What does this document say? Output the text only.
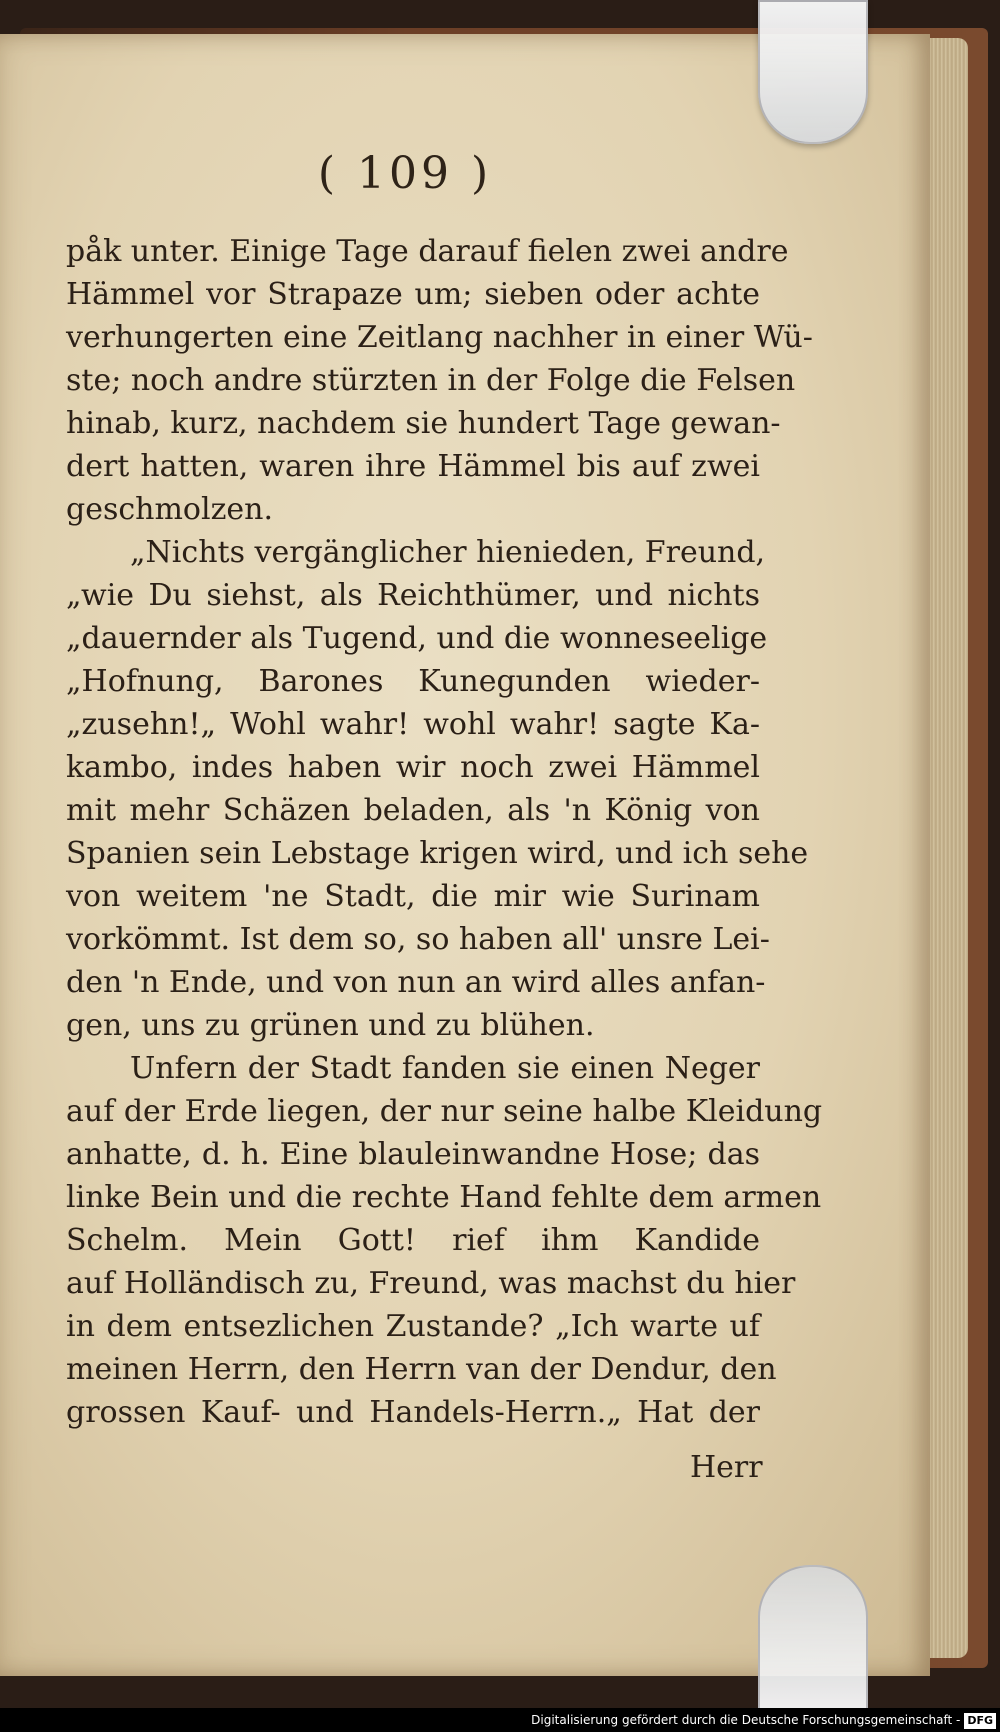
( 109 )
påk unter. Einige Tage darauf fielen zwei andre
Hämmel vor Strapaze um; sieben oder achte
verhungerten eine Zeitlang nachher in einer Wü-
ste; noch andre stürzten in der Folge die Felsen
hinab, kurz, nachdem sie hundert Tage gewan-
dert hatten, waren ihre Hämmel bis auf zwei
geschmolzen.
„Nichts vergänglicher hienieden, Freund,
„wie Du siehst, als Reichthümer, und nichts
„dauernder als Tugend, und die wonneseelige
„Hofnung, Barones Kunegunden wieder-
„zusehn!„ Wohl wahr! wohl wahr! sagte Ka-
kambo, indes haben wir noch zwei Hämmel
mit mehr Schäzen beladen, als 'n König von
Spanien sein Lebstage krigen wird, und ich sehe
von weitem 'ne Stadt, die mir wie Surinam
vorkömmt. Ist dem so, so haben all' unsre Lei-
den 'n Ende, und von nun an wird alles anfan-
gen, uns zu grünen und zu blühen.
Unfern der Stadt fanden sie einen Neger
auf der Erde liegen, der nur seine halbe Kleidung
anhatte, d. h. Eine blauleinwandne Hose; das
linke Bein und die rechte Hand fehlte dem armen
Schelm. Mein Gott! rief ihm Kandide
auf Holländisch zu, Freund, was machst du hier
in dem entsezlichen Zustande? „Ich warte uf
meinen Herrn, den Herrn van der Dendur, den
grossen Kauf- und Handels-Herrn.„ Hat der
Herr
Digitalisierung gefördert durch die Deutsche Forschungsgemeinschaft - DFG
